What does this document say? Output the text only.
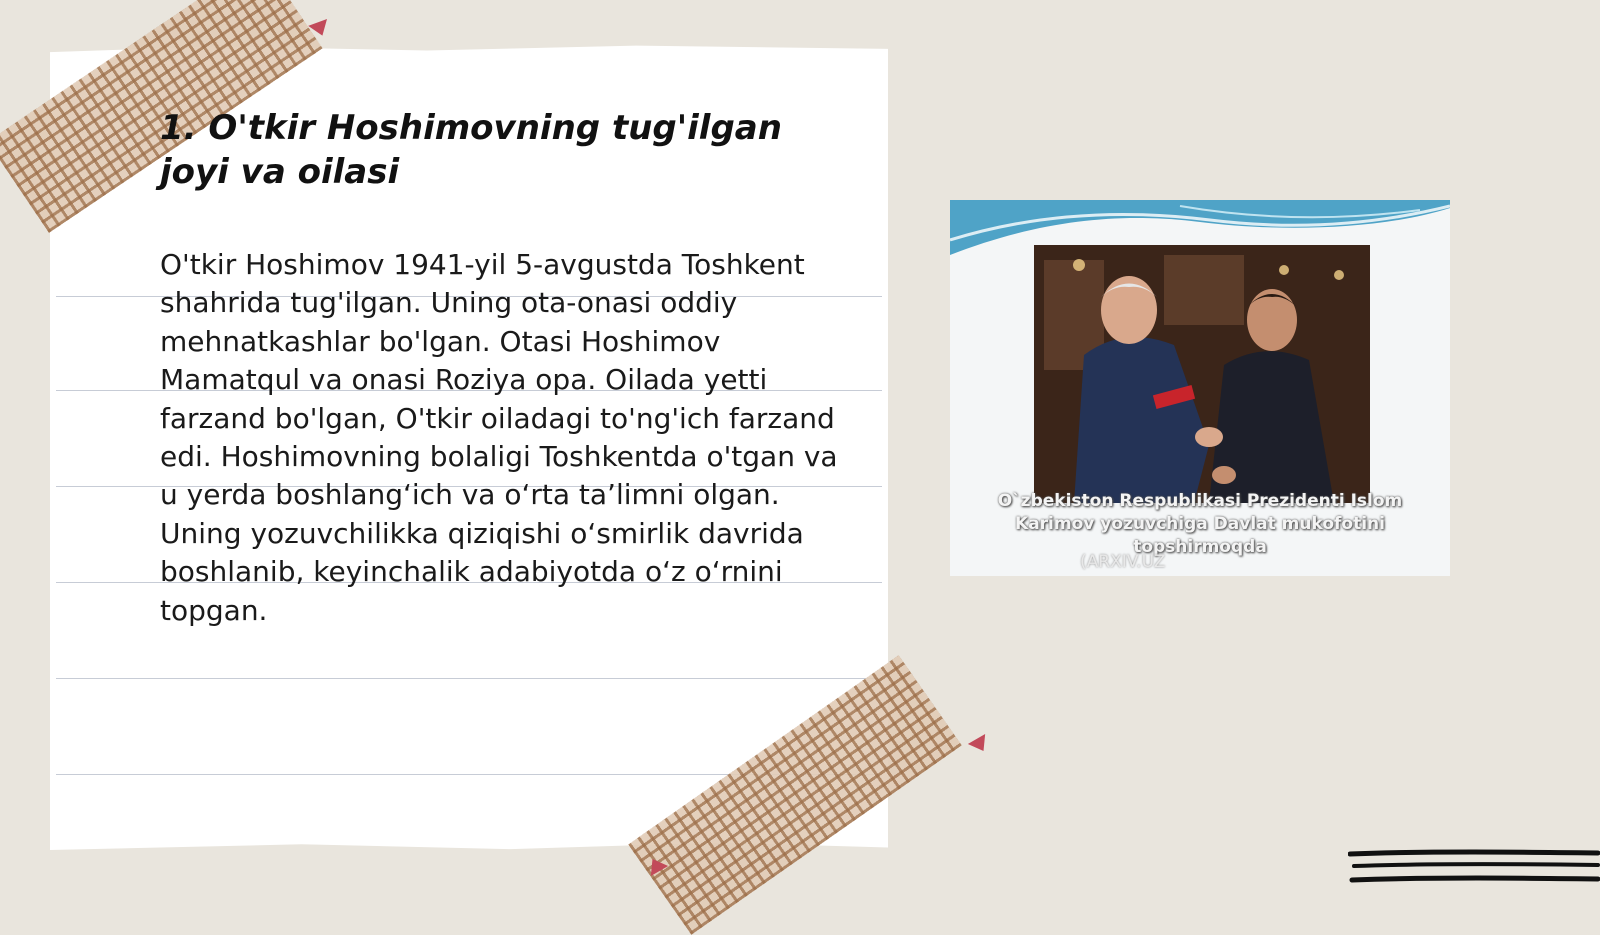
1. O'tkir Hoshimovning tug'ilgan joyi va oilasi

O'tkir Hoshimov 1941-yil 5-avgustda Toshkent shahrida tug'ilgan. Uning ota-onasi oddiy mehnatkashlar bo'lgan. Otasi Hoshimov Mamatqul va onasi Roziya opa. Oilada yetti farzand bo'lgan, O'tkir oiladagi to'ng'ich farzand edi. Hoshimovning bolaligi Toshkentda o'tgan va u yerda boshlang‘ich va o‘rta ta’limni olgan. Uning yozuvchilikka qiziqishi o‘smirlik davrida boshlanib, keyinchalik adabiyotda o‘z o‘rnini topgan.

O`zbekiston Respublikasi Prezidenti Islom Karimov yozuvchiga Davlat mukofotini topshirmoqda

(ARXIV.UZ
